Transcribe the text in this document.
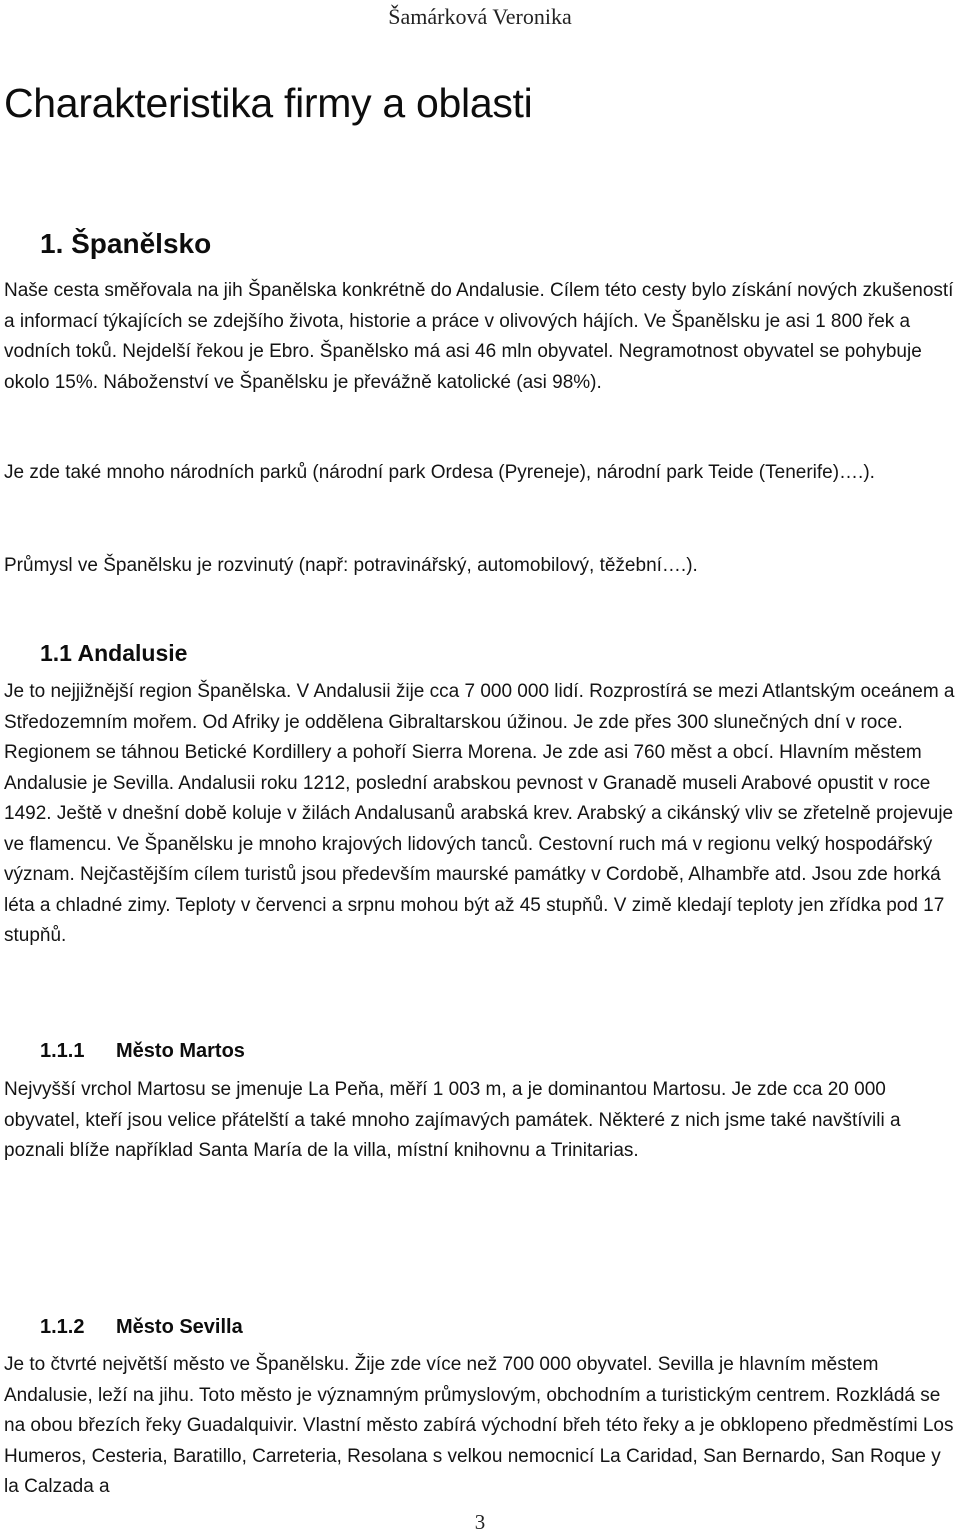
Šamárková Veronika
Charakteristika firmy a oblasti
1. Španělsko

Naše cesta směřovala na jih Španělska konkrétně do Andalusie. Cílem této cesty bylo získání nových zkušeností a informací týkajících se zdejšího života, historie a práce v olivových hájích. Ve Španělsku je asi 1 800 řek a vodních toků. Nejdelší řekou je Ebro. Španělsko má asi 46 mln obyvatel. Negramotnost obyvatel se pohybuje okolo 15%. Náboženství ve Španělsku je převážně katolické (asi 98%).

Je zde také mnoho národních parků (národní park Ordesa (Pyreneje), národní park Teide (Tenerife)….).

Průmysl ve Španělsku je rozvinutý (např: potravinářský, automobilový, těžební….).

1.1 Andalusie

Je to nejjižnější region Španělska. V Andalusii žije cca 7 000 000 lidí. Rozprostírá se mezi Atlantským oceánem a Středozemním mořem. Od Afriky je oddělena Gibraltarskou úžinou. Je zde přes 300 slunečných dní v roce. Regionem se táhnou Betické Kordillery a pohoří Sierra Morena. Je zde asi 760 měst a obcí. Hlavním městem Andalusie je Sevilla. Andalusii roku 1212, poslední arabskou pevnost v Granadě museli Arabové opustit v roce 1492. Ještě v dnešní době koluje v žilách Andalusanů arabská krev. Arabský a cikánský vliv se zřetelně projevuje ve flamencu. Ve Španělsku je mnoho krajových lidových tanců. Cestovní ruch má v regionu velký hospodářský význam. Nejčastějším cílem turistů jsou především maurské památky v Cordobě, Alhambře atd. Jsou zde horká léta a chladné zimy. Teploty v červenci a srpnu mohou být až 45 stupňů. V zimě kledají teploty jen zřídka pod 17 stupňů.

1.1.1 Město Martos

Nejvyšší vrchol Martosu se jmenuje La Peňa, měří 1 003 m, a je dominantou Martosu. Je zde cca 20 000 obyvatel, kteří jsou velice přátelští a také mnoho zajímavých památek. Některé z nich jsme také navštívili a poznali blíže například Santa María de la villa, místní knihovnu a Trinitarias.

1.1.2 Město Sevilla

Je to čtvrté největší město ve Španělsku. Žije zde více než 700 000 obyvatel. Sevilla je hlavním městem Andalusie, leží na jihu. Toto město je významným průmyslovým, obchodním a turistickým centrem. Rozkládá se na obou březích řeky Guadalquivir. Vlastní město zabírá východní břeh této řeky a je obklopeno předměstími Los Humeros, Cesteria, Baratillo, Carreteria, Resolana s velkou nemocnicí La Caridad, San Bernardo, San Roque y la Calzada a

3
